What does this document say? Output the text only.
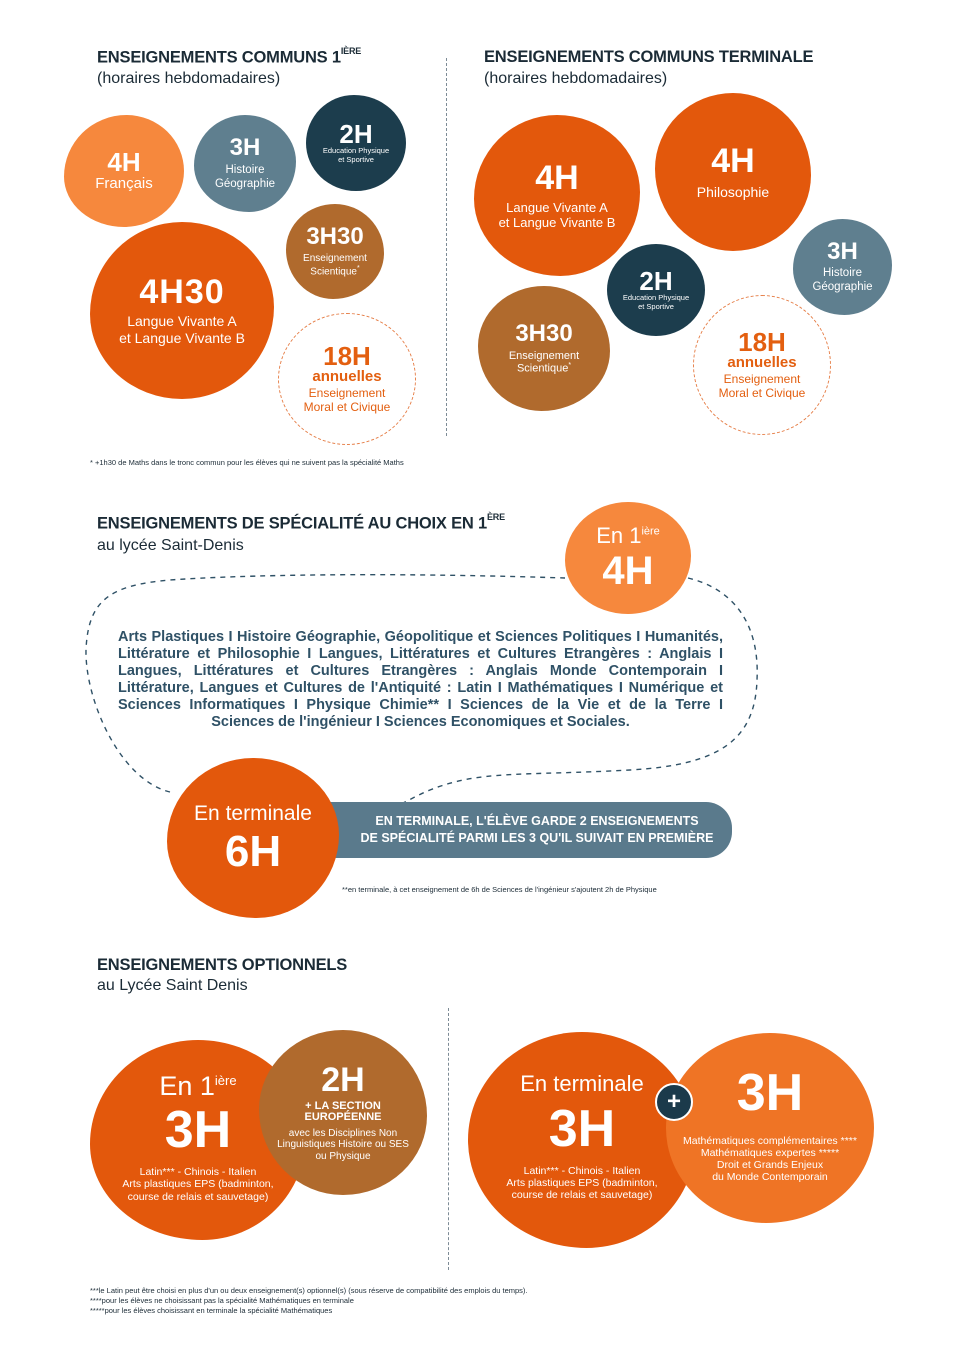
ENSEIGNEMENTS COMMUNS $1^{IÈRE}$
(horaires hebdomadaires)
4H
Français
3H
Histoire
Géographie
2H
Education Physique
et Sportive
3H30
Enseignement
Scientique*
4H30
Langue Vivante A
et Langue Vivante B
18H
annuelles
Enseignement
Moral et Civique
* +1h30 de Maths dans le tronc commun pour les élèves qui ne suivent pas la spécialité Maths
ENSEIGNEMENTS COMMUNS TERMINALE
(horaires hebdomadaires)
4H
Langue Vivante A
et Langue Vivante B
4H
Philosophie
3H
Histoire
Géographie
2H
Education Physique
et Sportive
3H30
Enseignement
Scientique*
18H
annuelles
Enseignement
Moral et Civique
ENSEIGNEMENTS DE SPÉCIALITÉ AU CHOIX EN 1ÈRE
au lycée Saint-Denis	En $1^{ière}$
4H
Arts Plastiques I Histoire Géographie, Géopolitique et Sciences Politiques I Humanités, Littérature et Philosophie I Langues, Littératures et Cultures Etrangères : Anglais I Langues, Littératures et Cultures Etrangères : Anglais Monde Contemporain I Littérature, Langues et Cultures de l'Antiquité : Latin I Mathématiques I Numérique et Sciences Informatiques I Physique Chimie** I Sciences de la Vie et de la Terre I Sciences de l'ingénieur I Sciences Economiques et Sociales.
EN TERMINALE, L'ÉLÈVE GARDE 2 ENSEIGNEMENTS
DE SPÉCIALITÉ PARMI LES 3 QU'IL SUIVAIT EN PREMIÈRE
En terminale
6H
**en terminale, à cet enseignement de 6h de Sciences de l'ingénieur s'ajoutent 2h de Physique
ENSEIGNEMENTS OPTIONNELS
au Lycée Saint Denis
En $1^{ière}$
3H
Latin*** - Chinois - Italien
Arts plastiques EPS (badminton,
course de relais et sauvetage)
2H
+ LA SECTION
EUROPÉENNE
avec les Disciplines Non
Linguistiques Histoire ou SES
ou Physique
En terminale
3H
Latin*** - Chinois - Italien
Arts plastiques EPS (badminton,
course de relais et sauvetage)
3H
Mathématiques complémentaires ****
Mathématiques expertes *****
Droit et Grands Enjeux
du Monde Contemporain
+
***le Latin peut être choisi en plus d'un ou deux enseignement(s) optionnel(s) (sous réserve de compatibilité des emplois du temps).
****pour les élèves ne choisissant pas la spécialité Mathématiques en terminale
*****pour les élèves choisissant en terminale la spécialité Mathématiques
